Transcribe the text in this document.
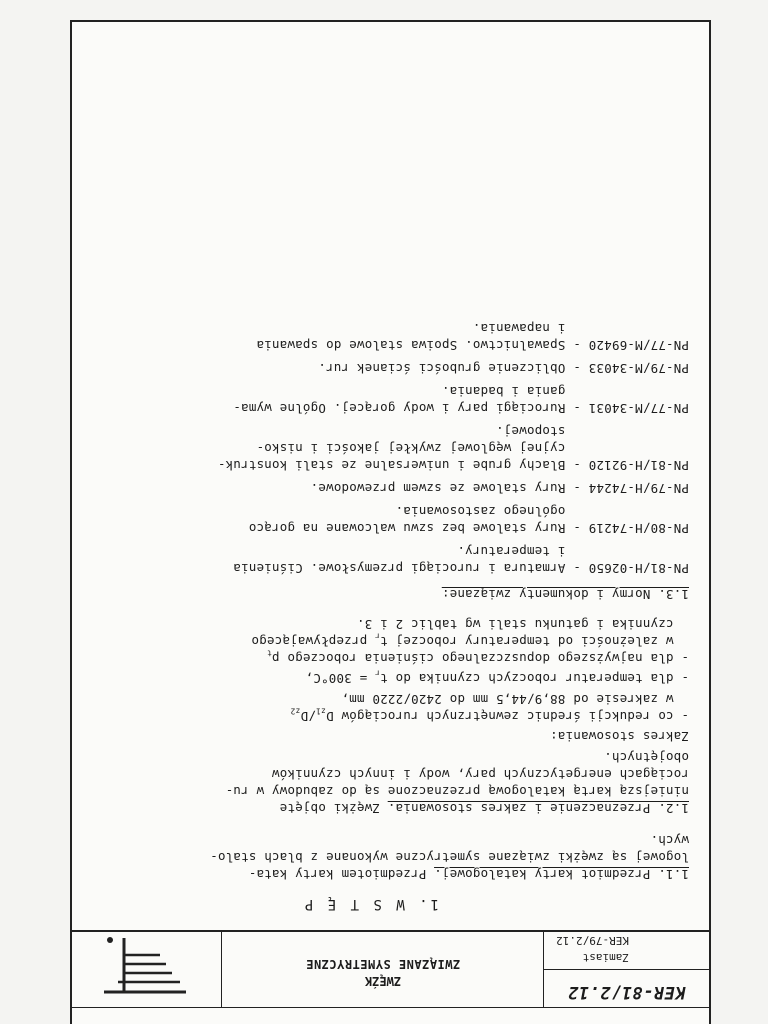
KER-81/2.12
Zamiast
KER-79/2.12
ZWĘŹK
ZWIĄZANE SYMETRYCZNE
1. W S T Ę P
1.1. Przedmiot karty katalogowej. Przedmiotem karty kata-
logowej są zwężki związane symetryczne wykonane z blach stalo-
wych.
1.2. Przeznaczenie i zakres stosowania. Zwężki objęte
niniejszą kartą katalogową przeznaczone są do zabudowy w ru-
rociągach energetycznych pary, wody i innych czynników
obojętnych.
Zakres stosowania:
- co redukcji średnic zewnętrznych rurociągów $D_{z1}/D_{z2}$
w zakresie od 88,9/44,5 mm do 2420/2220 mm,
- dla temperatur roboczych czynnika do $t_r = 300^\circ C$,
- dla najwyższego dopuszczalnego ciśnienia roboczego $p_t$
w zależności od temperatury roboczej $t_r$ przepływającego
czynnika i gatunku stali wg tablic 2 i 3.
1.3. Normy i dokumenty związane:
PN-81/H-02650 - Armatura i rurociągi przemysłowe. Ciśnienia
i temperatury.
PN-80/H-74219 - Rury stalowe bez szwu walcowane na gorąco
ogólnego zastosowania.
PN-79/H-74244 - Rury stalowe ze szwem przewodowe.
PN-81/H-92120 - Blachy grube i uniwersalne ze stali konstruk-
cyjnej węglowej zwykłej jakości i nisko-
stopowej.
PN-77/M-34031 - Rurociągi pary i wody gorącej. Ogólne wyma-
gania i badania.
PN-79/M-34033 - Obliczenie grubości ścianek rur.
PN-77/M-69420 - Spawalnictwo. Spoiwa stalowe do spawania
i napawania.
